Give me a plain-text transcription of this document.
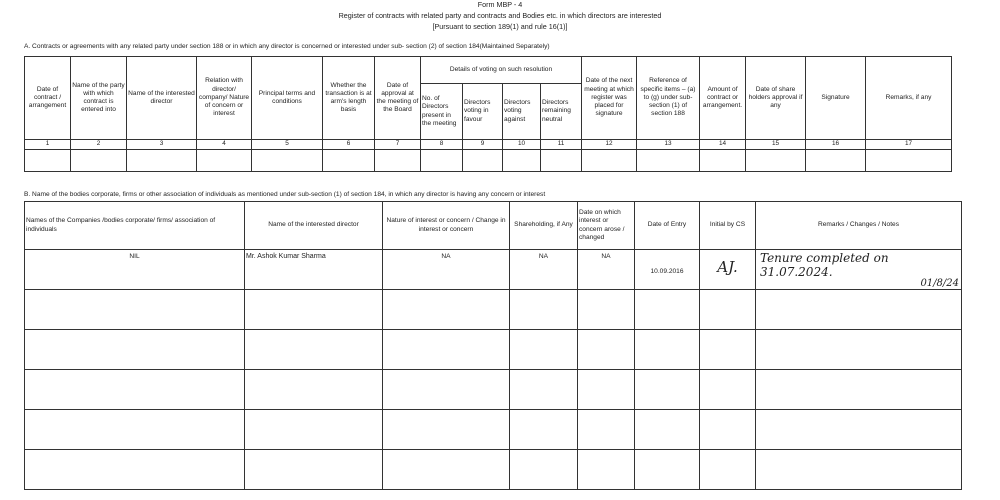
Form MBP - 4
Register of contracts with related party and contracts and Bodies etc. in which directors are interested
[Pursuant to section 189(1) and rule 16(1)]
A. Contracts or agreements with any related party under section 188 or in which any director is concerned or interested under sub- section (2) of section 184(Maintained Separately)
Date of contract / arrangement	Name of the party with which contract is entered into	Name of the interested director	Relation with director/ company/ Nature of concern or interest	Principal terms and conditions	Whether the transaction is at arm's length basis	Date of approval at the meeting of the Board	Details of voting on such resolution				Date of the next meeting at which register was placed for signature	Reference of specific items – (a) to (g) under sub-section (1) of section 188	Amount of contract or arrangement.	Date of share holders approval if any	Signature	Remarks, if any
							No. of Directors present in the meeting	Directors voting in favour	Directors voting against	Directors remaining neutral						
1	2	3	4	5	6	7	8	9	10	11	12	13	14	15	16	17

B. Name of the bodies corporate, firms or other association of individuals as mentioned under sub-section (1) of section 184, in which any director is having any concern or interest
Names of the Companies /bodies corporate/ firms/ association of individuals	Name of the interested director	Nature of interest or concern / Change in interest or concern	Shareholding, if Any	Date on which interest or concern arose / changed	Date of Entry	Initial by CS	Remarks / Changes / Notes
NIL	Mr. Ashok Kumar Sharma	NA	NA	NA	10.09.2016	AJ.	Tenure completed on
31.07.2024.
01/8/24
